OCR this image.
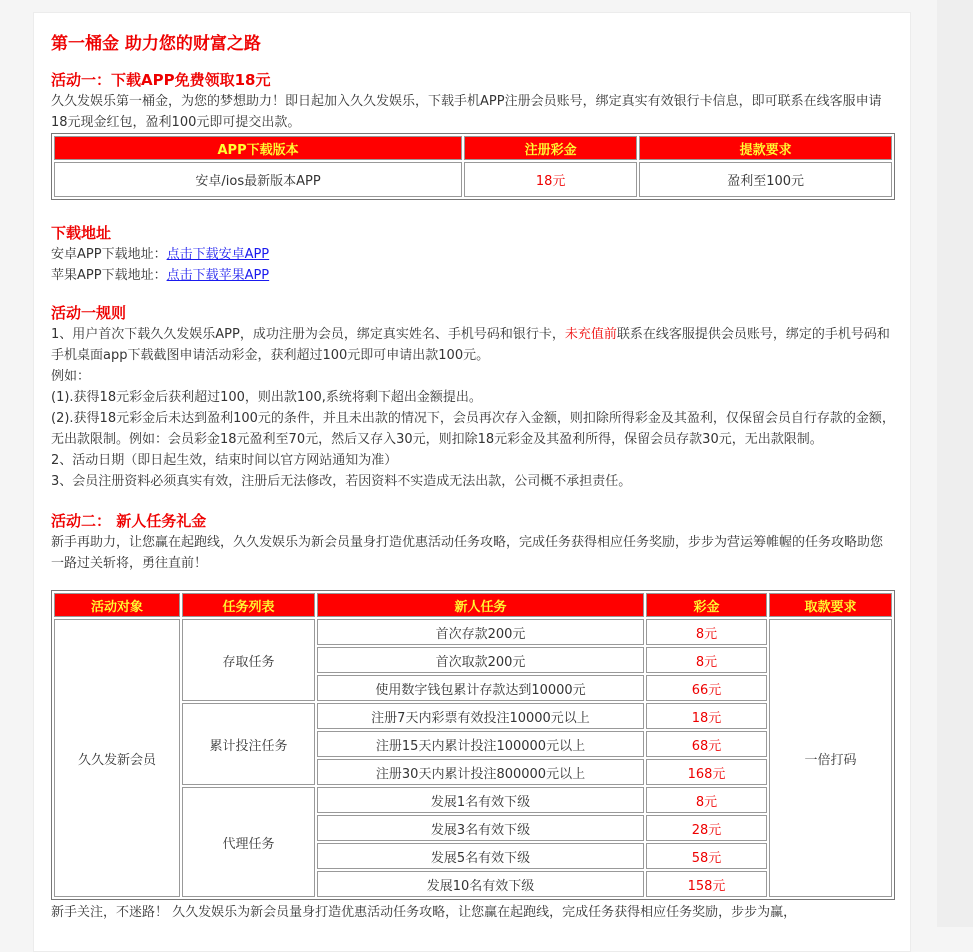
第一桶金 助力您的财富之路
活动一：下载APP免费领取18元

久久发娱乐第一桶金，为您的梦想助力！即日起加入久久发娱乐，下载手机APP注册会员账号，绑定真实有效银行卡信息，即可联系在线客服申请18元现金红包，盈利100元即可提交出款。

APP下载版本	注册彩金	提款要求
安卓/ios最新版本APP	18元	盈利至100元
下载地址

安卓APP下载地址：点击下载安卓APP

苹果APP下载地址：点击下载苹果APP

活动一规则

1、用户首次下载久久发娱乐APP，成功注册为会员，绑定真实姓名、手机号码和银行卡，未充值前联系在线客服提供会员账号，绑定的手机号码和手机桌面app下载截图申请活动彩金，获利超过100元即可申请出款100元。

例如：

(1).获得18元彩金后获利超过100，则出款100,系统将剩下超出金额提出。

(2).获得18元彩金后未达到盈利100元的条件，并且未出款的情况下，会员再次存入金额，则扣除所得彩金及其盈利，仅保留会员自行存款的金额，无出款限制。例如：会员彩金18元盈利至70元，然后又存入30元，则扣除18元彩金及其盈利所得，保留会员存款30元，无出款限制。

2、活动日期（即日起生效，结束时间以官方网站通知为准）

3、会员注册资料必须真实有效，注册后无法修改，若因资料不实造成无法出款，公司概不承担责任。

活动二： 新人任务礼金

新手再助力，让您赢在起跑线，久久发娱乐为新会员量身打造优惠活动任务攻略，完成任务获得相应任务奖励，步步为营运筹帷幄的任务攻略助您一路过关斩将，勇往直前！

活动对象	任务列表	新人任务	彩金	取款要求
久久发新会员	存取任务	首次存款200元	8元	一倍打码
		首次取款200元	8元	
		使用数字钱包累计存款达到10000元	66元	
	累计投注任务	注册7天内彩票有效投注10000元以上	18元	
		注册15天内累计投注100000元以上	68元	
		注册30天内累计投注800000元以上	168元	
	代理任务	发展1名有效下级	8元	
		发展3名有效下级	28元	
		发展5名有效下级	58元	
		发展10名有效下级	158元	

新手关注，不迷路！ 久久发娱乐为新会员量身打造优惠活动任务攻略，让您赢在起跑线，完成任务获得相应任务奖励，步步为赢，
